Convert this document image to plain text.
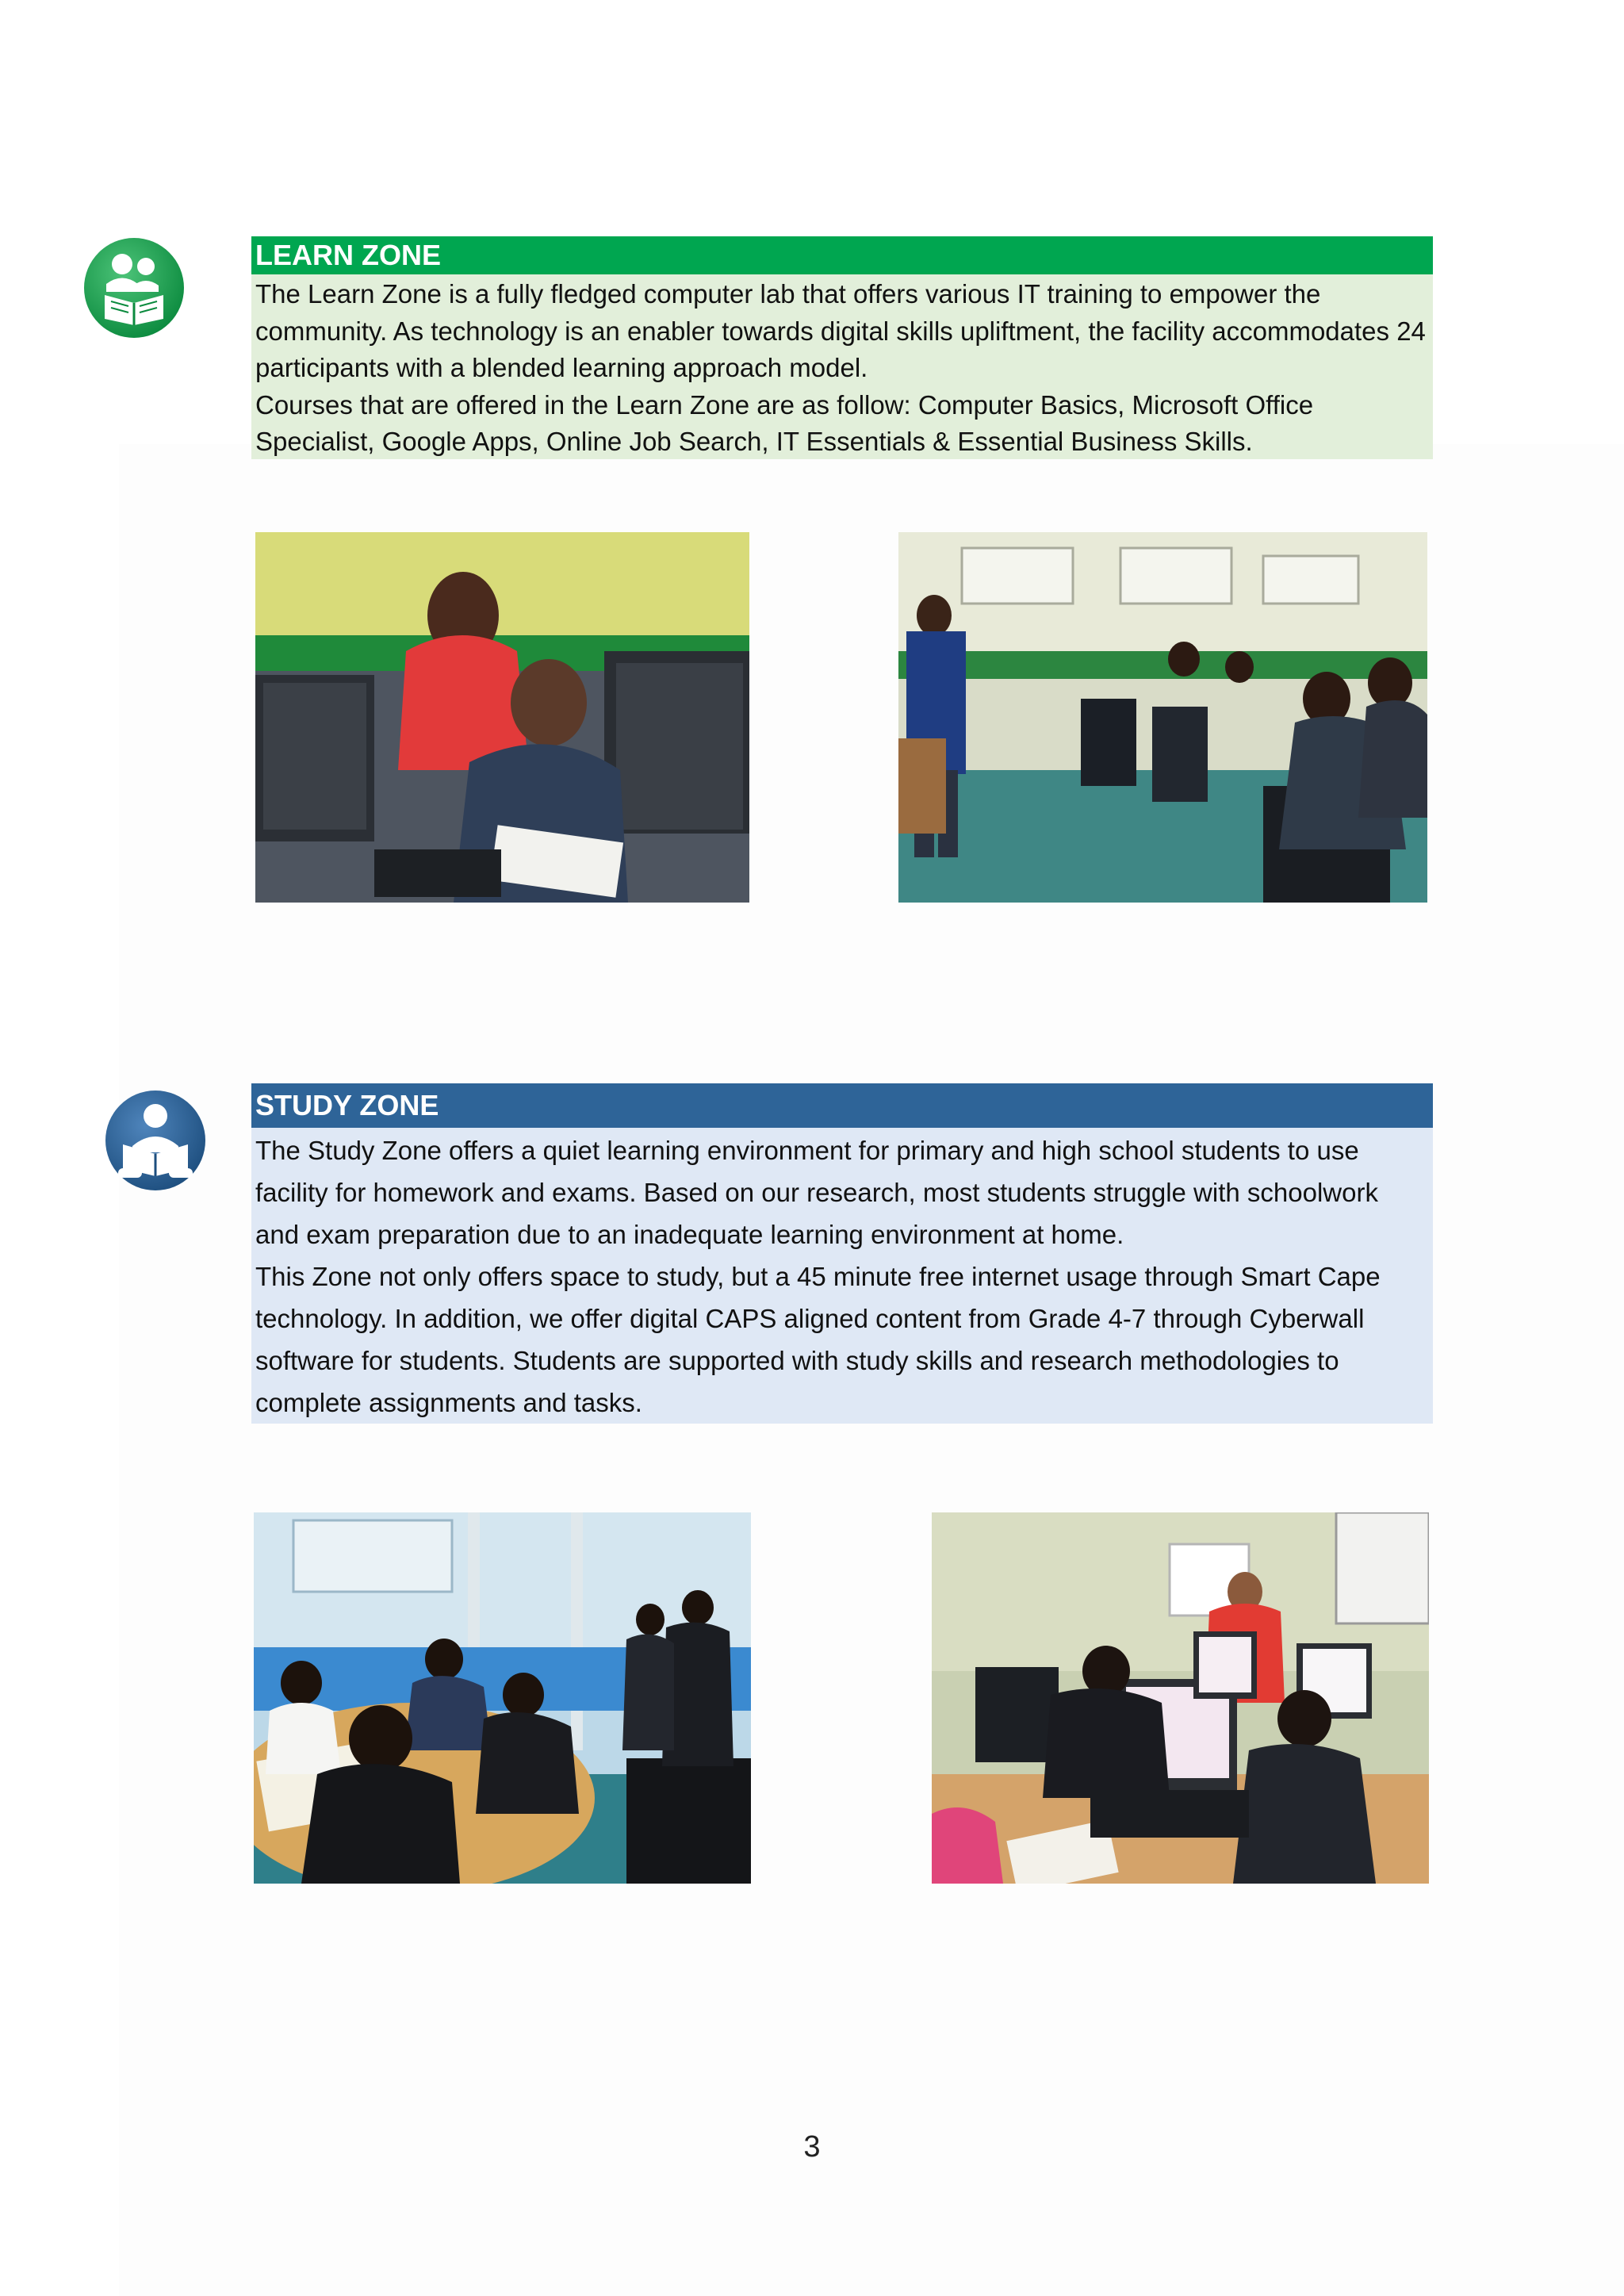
LEARN ZONE

The Learn Zone is a fully fledged computer lab that offers various IT training to empower the community. As technology is an enabler towards digital skills upliftment, the facility accommodates 24 participants with a blended learning approach model.

Courses that are offered in the Learn Zone are as follow: Computer Basics, Microsoft Office Specialist, Google Apps, Online Job Search, IT Essentials & Essential Business Skills.

STUDY ZONE

The Study Zone offers a quiet learning environment for primary and high school students to use facility for homework and exams. Based on our research, most students struggle with schoolwork and exam preparation due to an inadequate learning environment at home.

This Zone not only offers space to study, but a 45 minute free internet usage through Smart Cape technology. In addition, we offer digital CAPS aligned content from Grade 4-7 through Cyberwall software for students. Students are supported with study skills and research methodologies to complete assignments and tasks.

3
